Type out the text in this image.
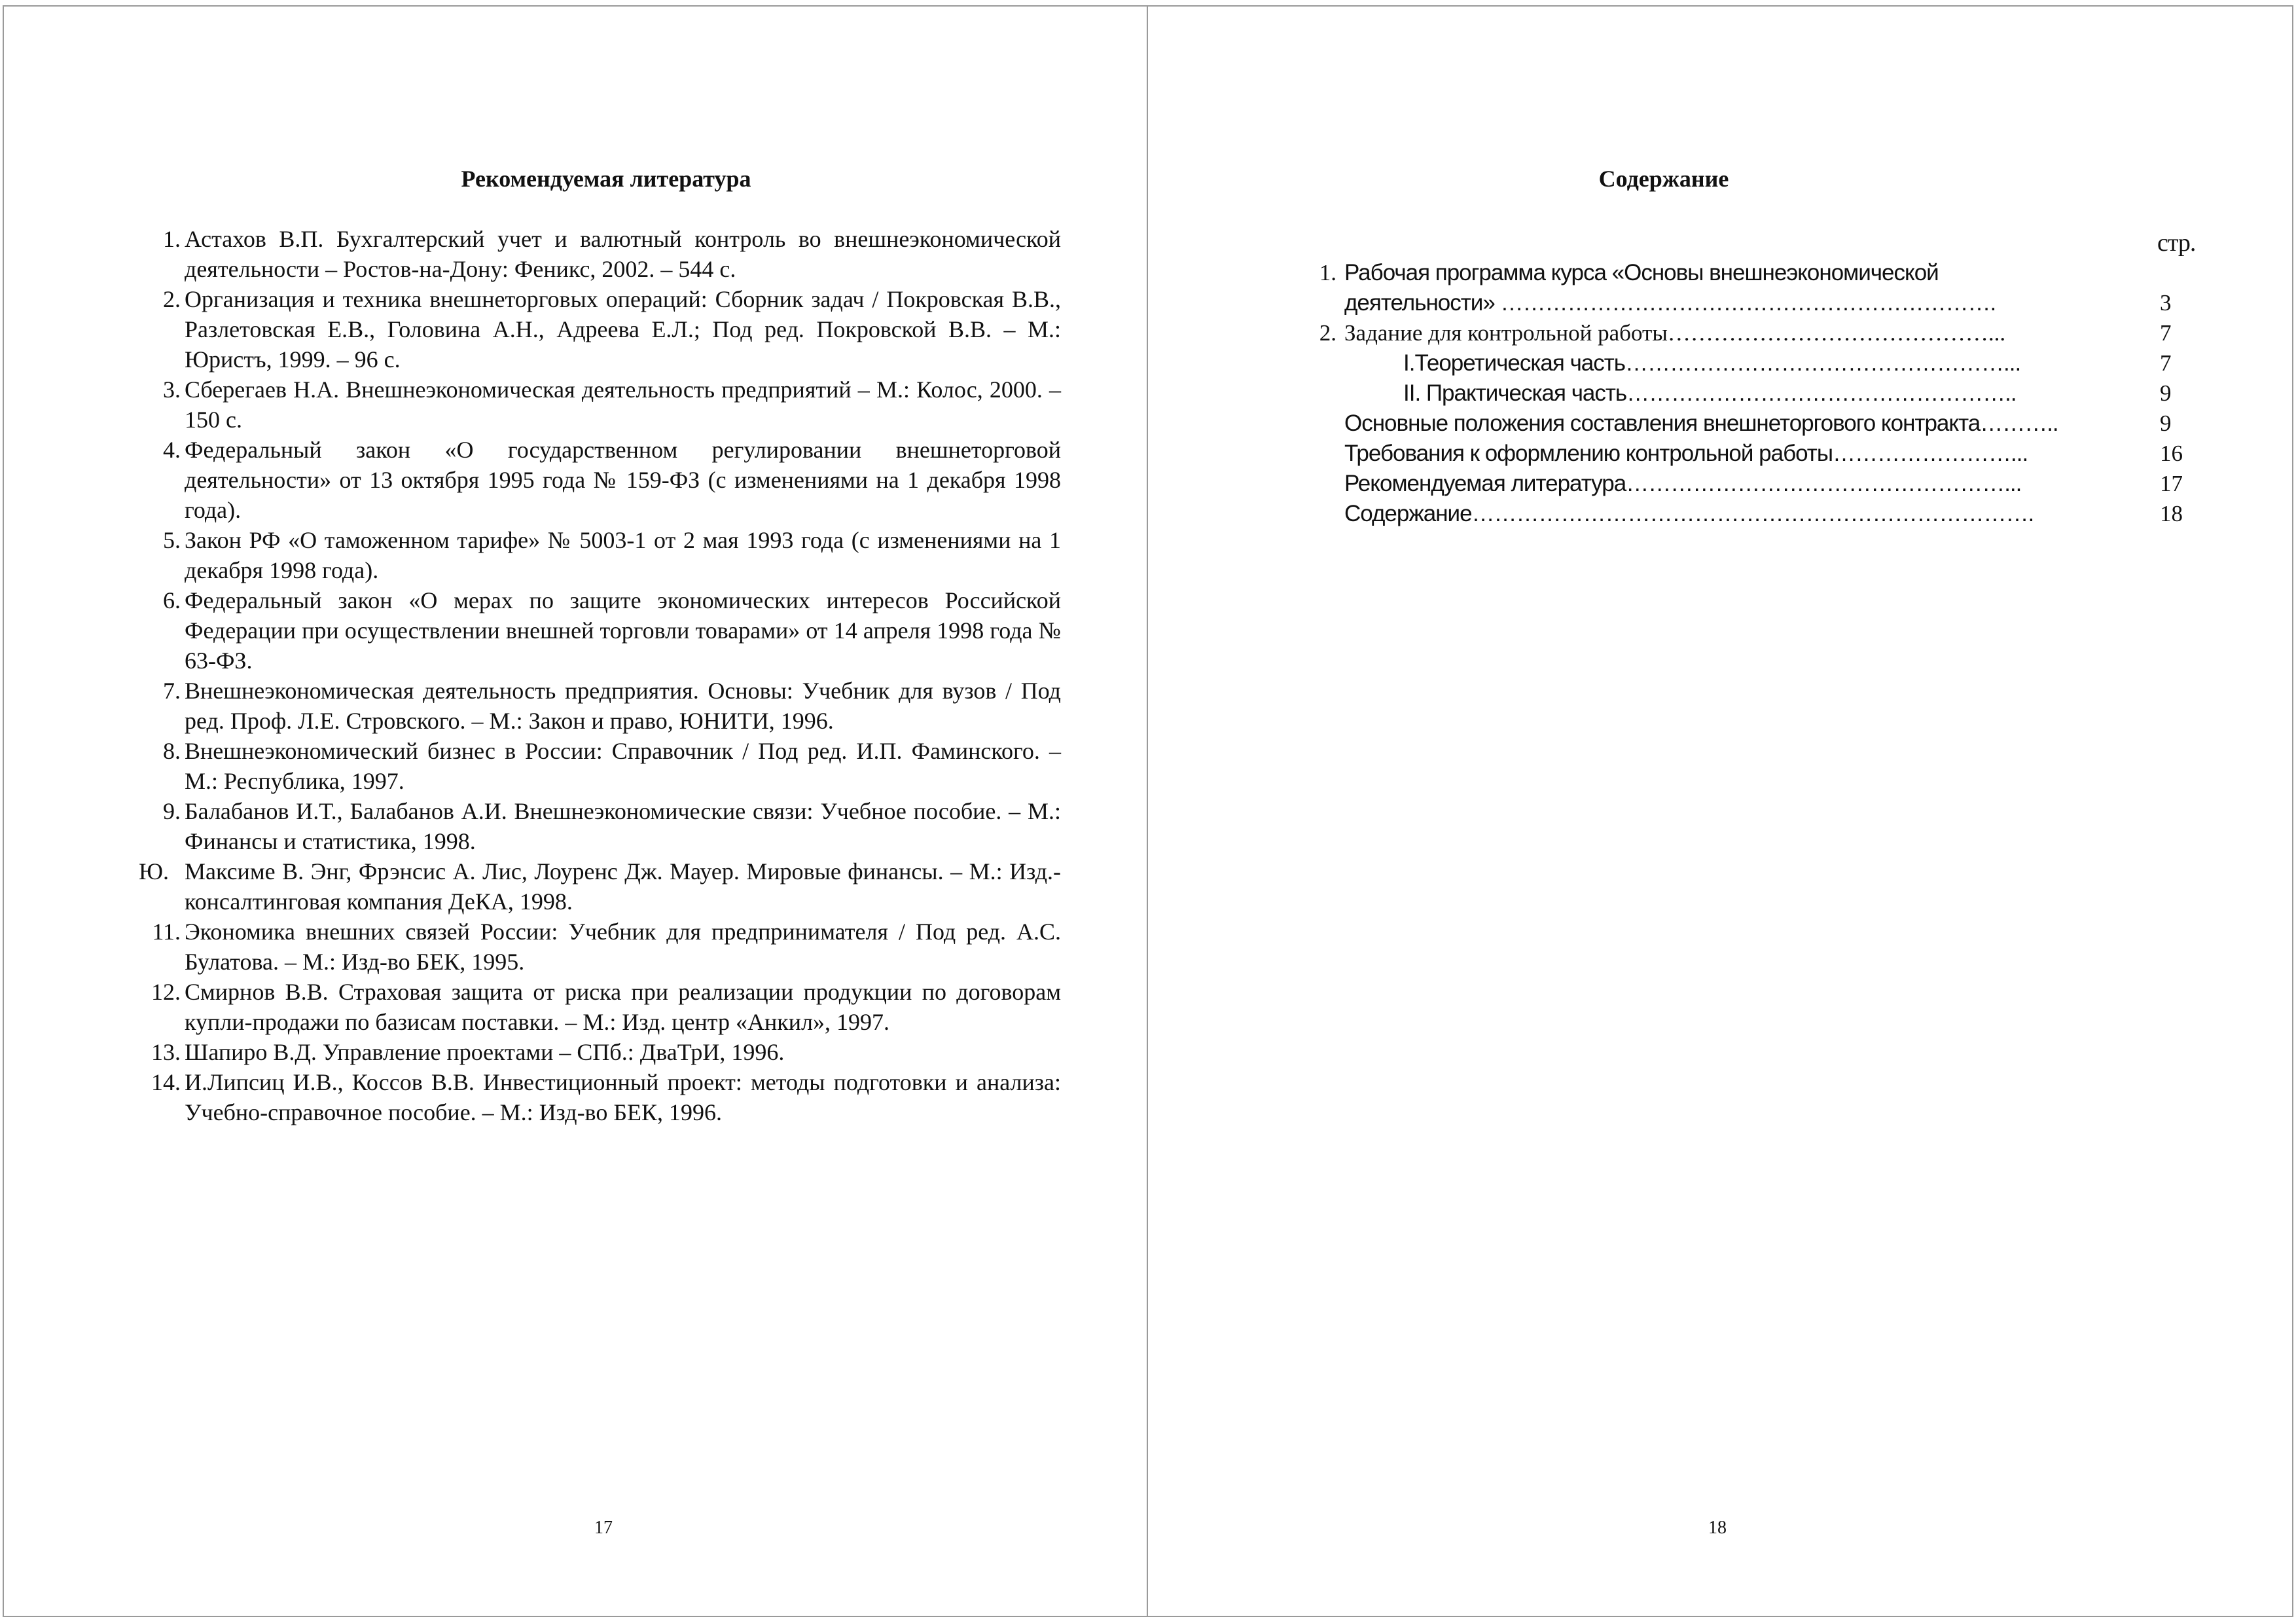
Рекомендуемая литература
1. Астахов В.П. Бухгалтерский учет и валютный контроль во внешнеэкономической деятельности – Ростов-на-Дону: Феникс, 2002. – 544 с.
2. Организация и техника внешнеторговых операций: Сборник задач / Покровская В.В., Разлетовская Е.В., Головина А.Н., Адреева Е.Л.; Под ред. Покровской В.В. – М.: Юристъ, 1999. – 96 с.
3. Сберегаев Н.А. Внешнеэкономическая деятельность предприятий – М.: Колос, 2000. – 150 с.
4. Федеральный закон «О государственном регулировании внешнеторговой деятельности» от 13 октября 1995 года № 159-ФЗ (с изменениями на 1 декабря 1998 года).
5. Закон РФ «О таможенном тарифе» № 5003-1 от 2 мая 1993 года (с изменениями на 1 декабря 1998 года).
6. Федеральный закон «О мерах по защите экономических интересов Российской Федерации при осуществлении внешней торговли товарами» от 14 апреля 1998 года № 63-ФЗ.
7. Внешнеэкономическая деятельность предприятия. Основы: Учебник для вузов / Под ред. Проф. Л.Е. Стровского. – М.: Закон и право, ЮНИТИ, 1996.
8. Внешнеэкономический бизнес в России: Справочник / Под ред. И.П. Фаминского. – М.: Республика, 1997.
9. Балабанов И.Т., Балабанов А.И. Внешнеэкономические связи: Учебное пособие. – М.: Финансы и статистика, 1998.
Ю. Максиме В. Энг, Фрэнсис А. Лис, Лоуренс Дж. Мауер. Мировые финансы. – М.: Изд.-консалтинговая компания ДеКА, 1998.
11. Экономика внешних связей России: Учебник для предпринимателя / Под ред. А.С. Булатова. – М.: Изд-во БЕК, 1995.
12. Смирнов В.В. Страховая защита от риска при реализации продукции по договорам купли-продажи по базисам поставки. – М.: Изд. центр «Анкил», 1997.
13. Шапиро В.Д. Управление проектами – СПб.: ДваТрИ, 1996.
14. И.Липсиц И.В., Коссов В.В. Инвестиционный проект: методы подготовки и анализа: Учебно-справочное пособие. – М.: Изд-во БЕК, 1996.
17
Содержание
стр.
1. Рабочая программа курса «Основы внешнеэкономической
деятельности» ………………………………………………………….	3
2. Задание для контрольной работы……………………………………...	7
I.Теоретическая часть……………………………………………...	7
II. Практическая часть……………………………………………..	9
Основные положения составления внешнеторгового контракта………..	9
Требования к оформлению контрольной работы……………………...	16
Рекомендуемая литература……………………………………………...	17
Содержание………………………………………………………………….	18
18
